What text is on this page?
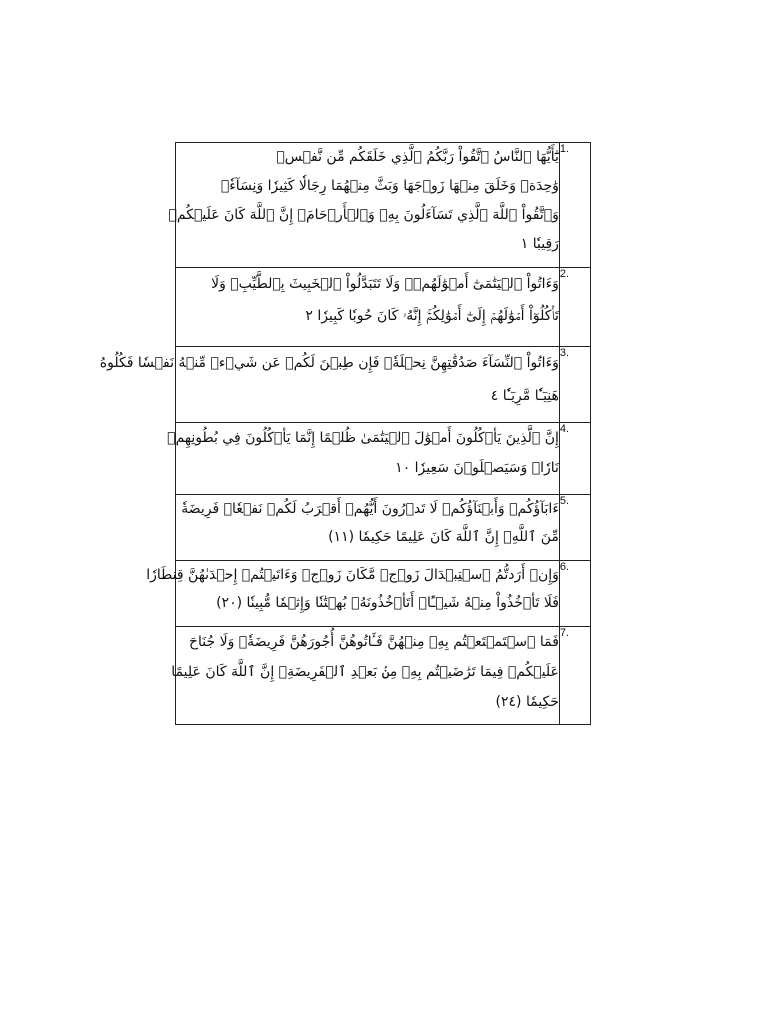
يَٰٓأَيُّهَا ٱلنَّاسُ ٱتَّقُواْ رَبَّكُمُ ٱلَّذِي خَلَقَكُم مِّن نَّفۡسٖ
وَٰحِدَةٖ وَخَلَقَ مِنۡهَا زَوۡجَهَا وَبَثَّ مِنۡهُمَا رِجَالٗا كَثِيرٗا وَنِسَآءٗۚ
وَٱتَّقُواْ ٱللَّهَ ٱلَّذِي تَسَآءَلُونَ بِهِۦ وَٱلۡأَرۡحَامَۚ إِنَّ ٱللَّهَ كَانَ عَلَيۡكُمۡ
رَقِيبٗا ١	1.

وَءَاتُواْ ٱلۡيَتَٰمَىٰٓ أَمۡوَٰلَهُمۡۖ وَلَا تَتَبَدَّلُواْ ٱلۡخَبِيثَ بِٱلطَّيِّبِۖ وَلَا
تَأۡكُلُوٓاْ أَمۡوَٰلَهُمۡ إِلَىٰٓ أَمۡوَٰلِكُمۡۚ إِنَّهُۥ كَانَ حُوبٗا كَبِيرٗا ٢	2.

وَءَاتُواْ ٱلنِّسَآءَ صَدُقَٰتِهِنَّ نِحۡلَةٗۚ فَإِن طِبۡنَ لَكُمۡ عَن شَيۡءٖ مِّنۡهُ نَفۡسٗا فَكُلُوهُ
هَنِيٓـٔٗا مَّرِيٓـٔٗا ٤	3.

إِنَّ ٱلَّذِينَ يَأۡكُلُونَ أَمۡوَٰلَ ٱلۡيَتَٰمَىٰ ظُلۡمًا إِنَّمَا يَأۡكُلُونَ فِي بُطُونِهِمۡ
نَارٗاۖ وَسَيَصۡلَوۡنَ سَعِيرٗا ١٠	4.

ءَابَآؤُكُمۡ وَأَبۡنَآؤُكُمۡ لَا تَدۡرُونَ أَيُّهُمۡ أَقۡرَبُ لَكُمۡ نَفۡعٗاۚ فَرِيضَةٗ
مِّنَ ٱللَّهِۗ إِنَّ ٱللَّهَ كَانَ عَلِيمًا حَكِيمٗا (١١)	5.

وَإِنۡ أَرَدتُّمُ ٱسۡتِبۡدَالَ زَوۡجٖ مَّكَانَ زَوۡجٖ وَءَاتَيۡتُمۡ إِحۡدَىٰهُنَّ قِنطَارٗا
فَلَا تَأۡخُذُواْ مِنۡهُ شَيۡـًٔاۚ أَتَأۡخُذُونَهُۥ بُهۡتَٰنٗا وَإِثۡمٗا مُّبِينٗا (٢٠)	6.

فَمَا ٱسۡتَمۡتَعۡتُم بِهِۦ مِنۡهُنَّ فَـَٔاتُوهُنَّ أُجُورَهُنَّ فَرِيضَةٗۚ وَلَا جُنَاحَ
عَلَيۡكُمۡ فِيمَا تَرَٰضَيۡتُم بِهِۦ مِنۢ بَعۡدِ ٱلۡفَرِيضَةِۚ إِنَّ ٱللَّهَ كَانَ عَلِيمًا
حَكِيمٗا (٢٤)	7.
